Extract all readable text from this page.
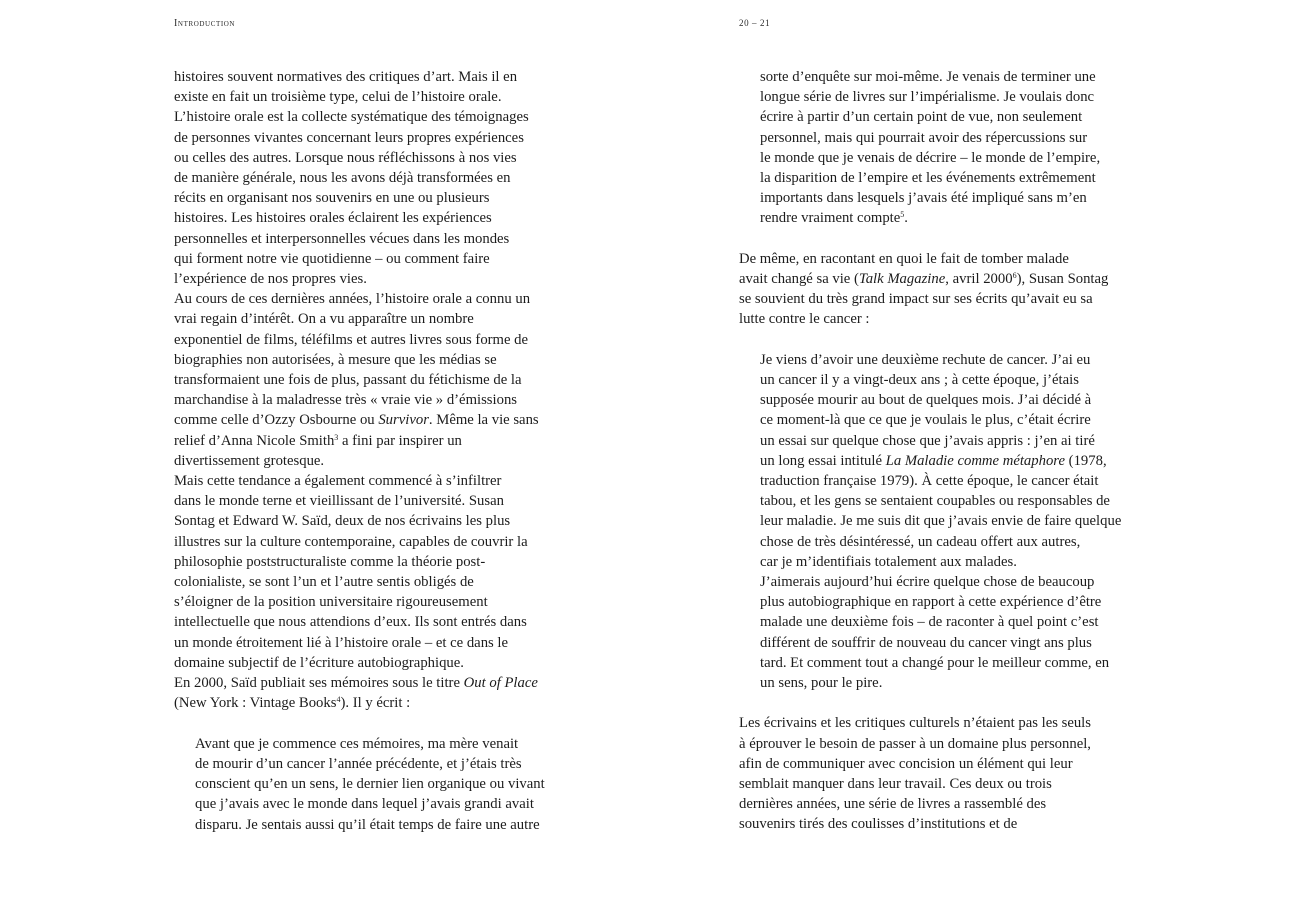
Introduction	20 – 21
histoires souvent normatives des critiques d’art. Mais il en
existe en fait un troisième type, celui de l’histoire orale.
L’histoire orale est la collecte systématique des témoignages
de personnes vivantes concernant leurs propres expériences
ou celles des autres. Lorsque nous réfléchissons à nos vies
de manière générale, nous les avons déjà transformées en
récits en organisant nos souvenirs en une ou plusieurs
histoires. Les histoires orales éclairent les expériences
personnelles et interpersonnelles vécues dans les mondes
qui forment notre vie quotidienne – ou comment faire
l’expérience de nos propres vies.
Au cours de ces dernières années, l’histoire orale a connu un
vrai regain d’intérêt. On a vu apparaître un nombre
exponentiel de films, téléfilms et autres livres sous forme de
biographies non autorisées, à mesure que les médias se
transformaient une fois de plus, passant du fétichisme de la
marchandise à la maladresse très « vraie vie » d’émissions
comme celle d’Ozzy Osbourne ou Survivor. Même la vie sans
relief d’Anna Nicole Smith$^3$ a fini par inspirer un
divertissement grotesque.
Mais cette tendance a également commencé à s’infiltrer
dans le monde terne et vieillissant de l’université. Susan
Sontag et Edward W. Saïd, deux de nos écrivains les plus
illustres sur la culture contemporaine, capables de couvrir la
philosophie poststructuraliste comme la théorie post-
colonialiste, se sont l’un et l’autre sentis obligés de
s’éloigner de la position universitaire rigoureusement
intellectuelle que nous attendions d’eux. Ils sont entrés dans
un monde étroitement lié à l’histoire orale – et ce dans le
domaine subjectif de l’écriture autobiographique.
En 2000, Saïd publiait ses mémoires sous le titre Out of Place
(New York : Vintage Books$^4$). Il y écrit :
Avant que je commence ces mémoires, ma mère venait
de mourir d’un cancer l’année précédente, et j’étais très
conscient qu’en un sens, le dernier lien organique ou vivant
que j’avais avec le monde dans lequel j’avais grandi avait
disparu. Je sentais aussi qu’il était temps de faire une autre
sorte d’enquête sur moi-même. Je venais de terminer une
longue série de livres sur l’impérialisme. Je voulais donc
écrire à partir d’un certain point de vue, non seulement
personnel, mais qui pourrait avoir des répercussions sur
le monde que je venais de décrire – le monde de l’empire,
la disparition de l’empire et les événements extrêmement
importants dans lesquels j’avais été impliqué sans m’en
rendre vraiment compte$^5$.
De même, en racontant en quoi le fait de tomber malade
avait changé sa vie (Talk Magazine, avril 2000$^6$), Susan Sontag
se souvient du très grand impact sur ses écrits qu’avait eu sa
lutte contre le cancer :
Je viens d’avoir une deuxième rechute de cancer. J’ai eu
un cancer il y a vingt-deux ans ; à cette époque, j’étais
supposée mourir au bout de quelques mois. J’ai décidé à
ce moment-là que ce que je voulais le plus, c’était écrire
un essai sur quelque chose que j’avais appris : j’en ai tiré
un long essai intitulé La Maladie comme métaphore (1978,
traduction française 1979). À cette époque, le cancer était
tabou, et les gens se sentaient coupables ou responsables de
leur maladie. Je me suis dit que j’avais envie de faire quelque
chose de très désintéressé, un cadeau offert aux autres,
car je m’identifiais totalement aux malades.
J’aimerais aujourd’hui écrire quelque chose de beaucoup
plus autobiographique en rapport à cette expérience d’être
malade une deuxième fois – de raconter à quel point c’est
différent de souffrir de nouveau du cancer vingt ans plus
tard. Et comment tout a changé pour le meilleur comme, en
un sens, pour le pire.
Les écrivains et les critiques culturels n’étaient pas les seuls
à éprouver le besoin de passer à un domaine plus personnel,
afin de communiquer avec concision un élément qui leur
semblait manquer dans leur travail. Ces deux ou trois
dernières années, une série de livres a rassemblé des
souvenirs tirés des coulisses d’institutions et de
